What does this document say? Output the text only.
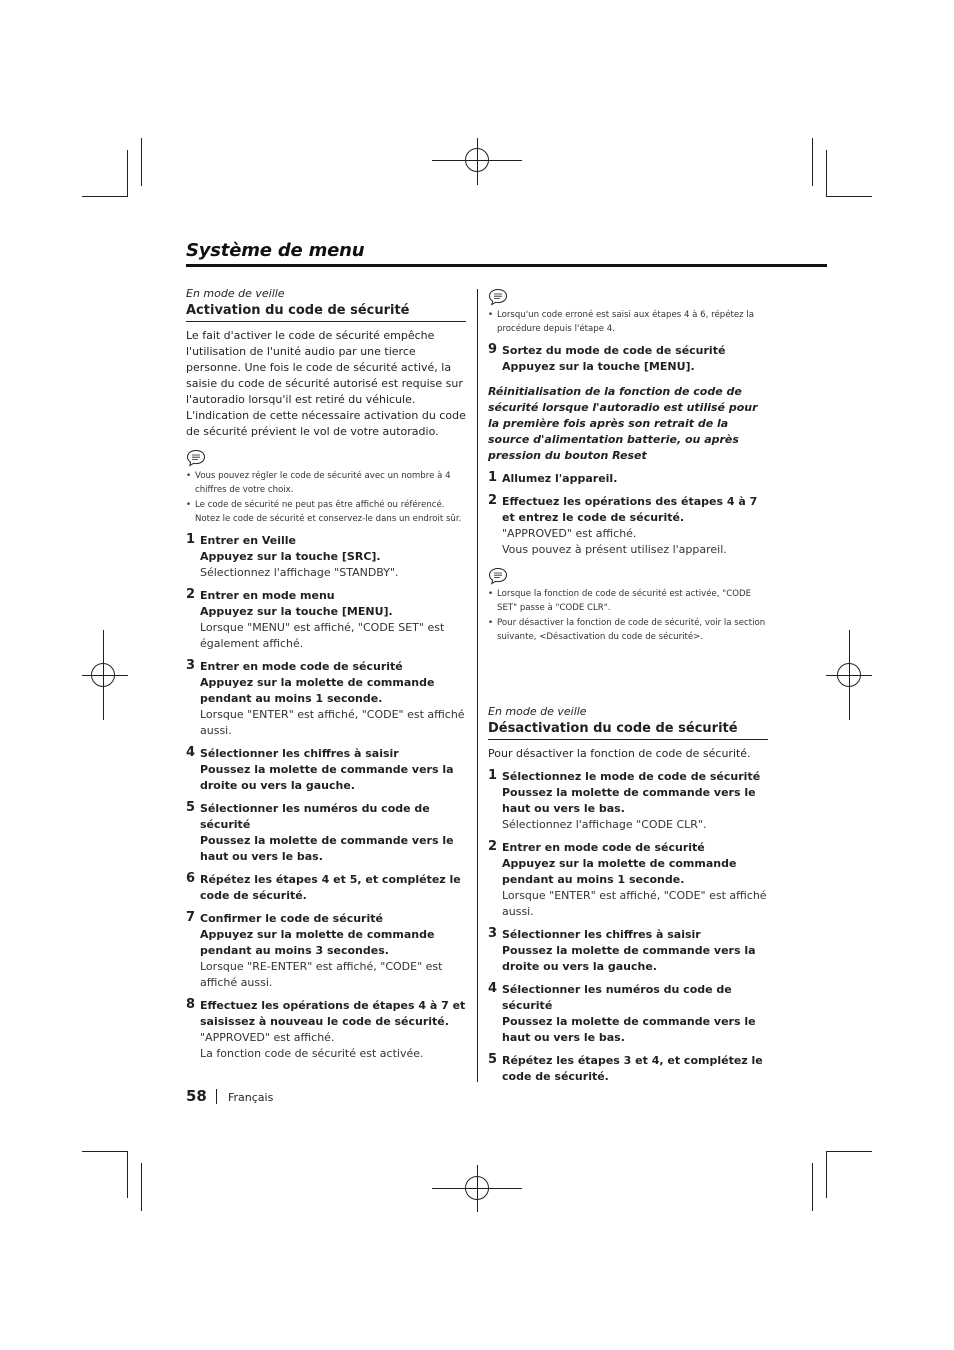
Système de menu
En mode de veille
Activation du code de sécurité
Le fait d'activer le code de sécurité empêche l'utilisation de l'unité audio par une tierce personne. Une fois le code de sécurité activé, la saisie du code de sécurité autorisé est requise sur l'autoradio lorsqu'il est retiré du véhicule. L'indication de cette nécessaire activation du code de sécurité prévient le vol de votre autoradio.
• Vous pouvez régler le code de sécurité avec un nombre à 4 chiffres de votre choix.
• Le code de sécurité ne peut pas être affiché ou référencé. Notez le code de sécurité et conservez-le dans un endroit sûr.
1 Entrer en Veille
Appuyez sur la touche [SRC].
Sélectionnez l'affichage "STANDBY".
2 Entrer en mode menu
Appuyez sur la touche [MENU].
Lorsque "MENU" est affiché, "CODE SET" est également affiché.
3 Entrer en mode code de sécurité
Appuyez sur la molette de commande pendant au moins 1 seconde.
Lorsque "ENTER" est affiché, "CODE" est affiché aussi.
4 Sélectionner les chiffres à saisir
Poussez la molette de commande vers la droite ou vers la gauche.
5 Sélectionner les numéros du code de sécurité
Poussez la molette de commande vers le haut ou vers le bas.
6 Répétez les étapes 4 et 5, et complétez le code de sécurité.
7 Confirmer le code de sécurité
Appuyez sur la molette de commande pendant au moins 3 secondes.
Lorsque "RE-ENTER" est affiché, "CODE" est affiché aussi.
8 Effectuez les opérations de étapes 4 à 7 et saisissez à nouveau le code de sécurité.
"APPROVED" est affiché.
La fonction code de sécurité est activée.
• Lorsqu'un code erroné est saisi aux étapes 4 à 6, répétez la procédure depuis l'étape 4.
9 Sortez du mode de code de sécurité
Appuyez sur la touche [MENU].
Réinitialisation de la fonction de code de sécurité lorsque l'autoradio est utilisé pour la première fois après son retrait de la source d'alimentation batterie, ou après pression du bouton Reset
1 Allumez l'appareil.
2 Effectuez les opérations des étapes 4 à 7 et entrez le code de sécurité.
"APPROVED" est affiché.
Vous pouvez à présent utilisez l'appareil.
• Lorsque la fonction de code de sécurité est activée, "CODE SET" passe à "CODE CLR".
• Pour désactiver la fonction de code de sécurité, voir la section suivante, <Désactivation du code de sécurité>.
En mode de veille
Désactivation du code de sécurité
Pour désactiver la fonction de code de sécurité.
1 Sélectionnez le mode de code de sécurité
Poussez la molette de commande vers le haut ou vers le bas.
Sélectionnez l'affichage "CODE CLR".
2 Entrer en mode code de sécurité
Appuyez sur la molette de commande pendant au moins 1 seconde.
Lorsque "ENTER" est affiché, "CODE" est affiché aussi.
3 Sélectionner les chiffres à saisir
Poussez la molette de commande vers la droite ou vers la gauche.
4 Sélectionner les numéros du code de sécurité
Poussez la molette de commande vers le haut ou vers le bas.
5 Répétez les étapes 3 et 4, et complétez le code de sécurité.
58 Français
